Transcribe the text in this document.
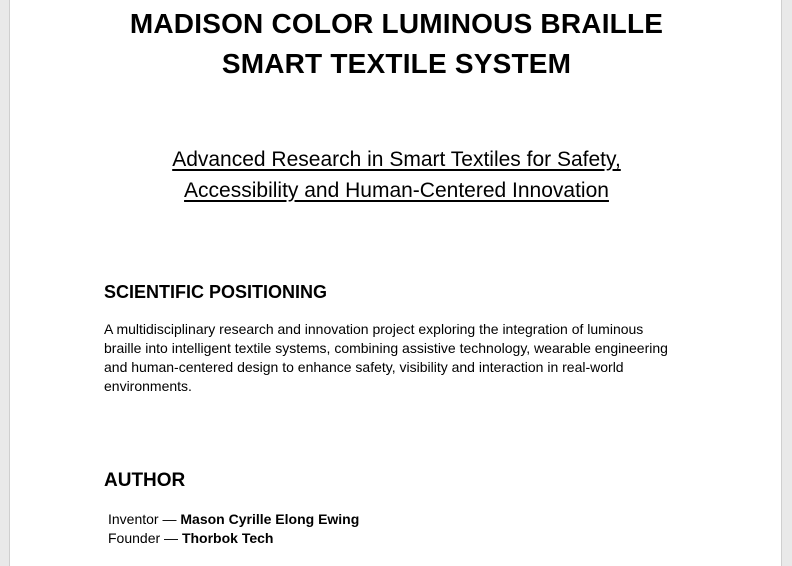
MADISON COLOR LUMINOUS BRAILLE
SMART TEXTILE SYSTEM
Advanced Research in Smart Textiles for Safety,
Accessibility and Human-Centered Innovation
SCIENTIFIC POSITIONING
A multidisciplinary research and innovation project exploring the integration of luminous
braille into intelligent textile systems, combining assistive technology, wearable engineering
and human-centered design to enhance safety, visibility and interaction in real-world
environments.
AUTHOR
Inventor — Mason Cyrille Elong Ewing
Founder — Thorbok Tech
